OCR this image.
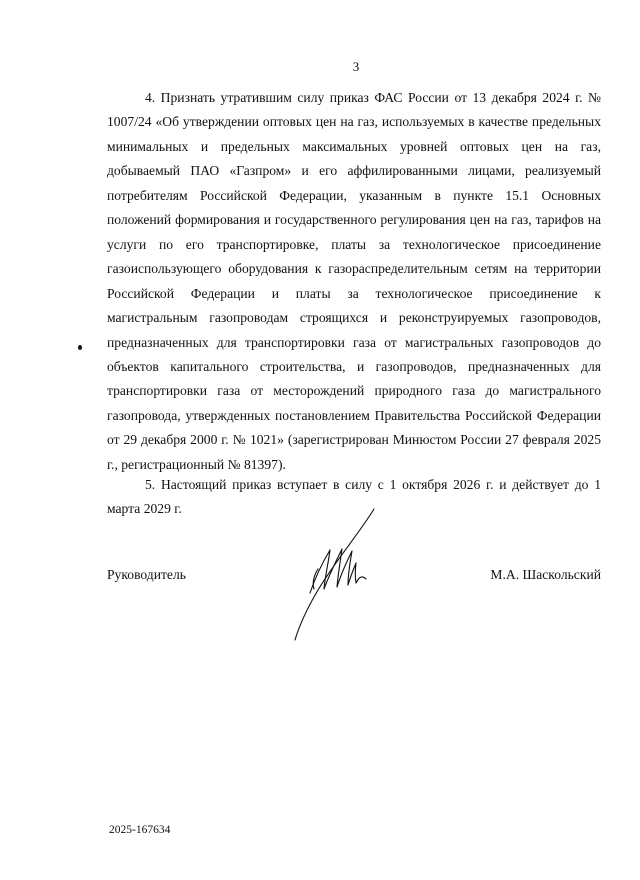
3

4. Признать утратившим силу приказ ФАС России от 13 декабря 2024 г. № 1007/24 «Об утверждении оптовых цен на газ, используемых в качестве предельных минимальных и предельных максимальных уровней оптовых цен на газ, добываемый ПАО «Газпром» и его аффилированными лицами, реализуемый потребителям Российской Федерации, указанным в пункте 15.1 Основных положений формирования и государственного регулирования цен на газ, тарифов на услуги по его транспортировке, платы за технологическое присоединение газоиспользующего оборудования к газораспределительным сетям на территории Российской Федерации и платы за технологическое присоединение к магистральным газопроводам строящихся и реконструируемых газопроводов, предназначенных для транспортировки газа от магистральных газопроводов до объектов капитального строительства, и газопроводов, предназначенных для транспортировки газа от месторождений природного газа до магистрального газопровода, утвержденных постановлением Правительства Российской Федерации от 29 декабря 2000 г. № 1021» (зарегистрирован Минюстом России 27 февраля 2025 г., регистрационный № 81397).

5. Настоящий приказ вступает в силу с 1 октября 2026 г. и действует до 1 марта 2029 г.

Руководитель	М.А. Шаскольский
2025-167634
